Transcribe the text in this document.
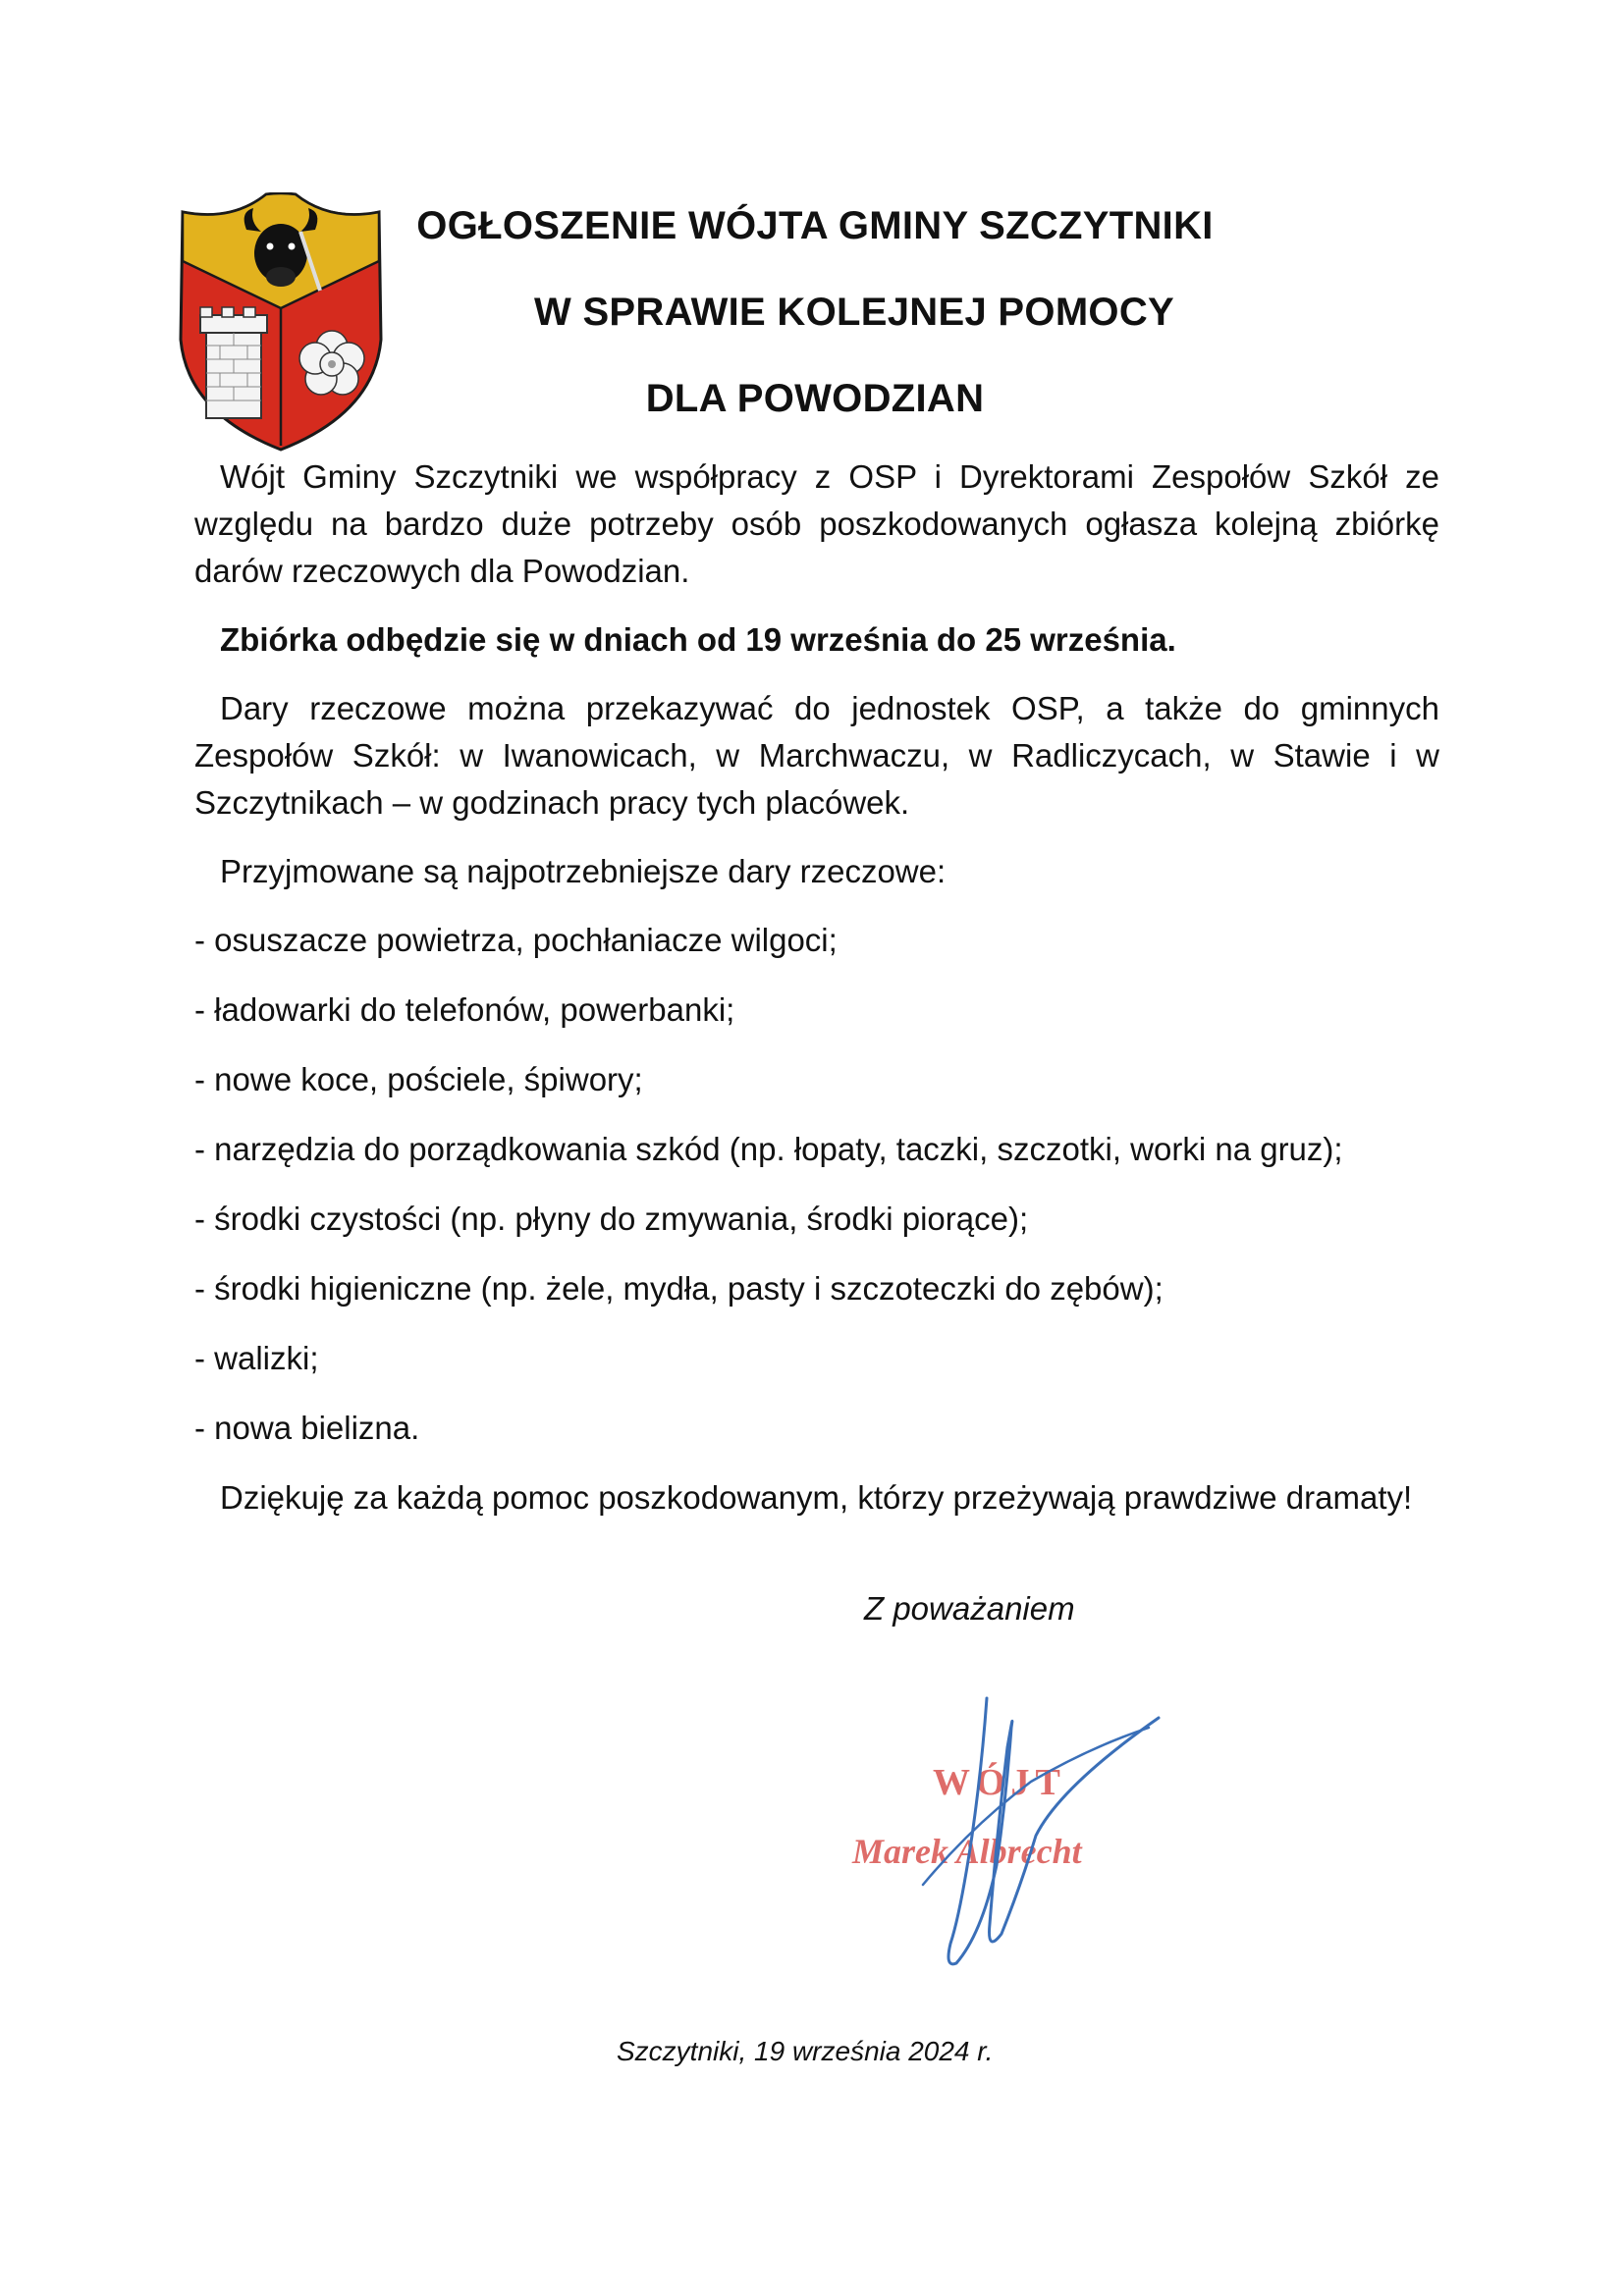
OGŁOSZENIE WÓJTA GMINY SZCZYTNIKI
W SPRAWIE KOLEJNEJ POMOCY
DLA POWODZIAN

Wójt Gminy Szczytniki we współpracy z OSP i Dyrektorami Zespołów Szkół ze względu na bardzo duże potrzeby osób poszkodowanych ogłasza kolejną zbiórkę darów rzeczowych dla Powodzian.

Zbiórka odbędzie się w dniach od 19 września do 25 września.

Dary rzeczowe można przekazywać do jednostek OSP, a także do gminnych Zespołów Szkół: w Iwanowicach, w Marchwaczu, w Radliczycach, w Stawie i w Szczytnikach – w godzinach pracy tych placówek.

Przyjmowane są najpotrzebniejsze dary rzeczowe:

- osuszacze powietrza, pochłaniacze wilgoci;
- ładowarki do telefonów, powerbanki;
- nowe koce, pościele, śpiwory;
- narzędzia do porządkowania szkód (np. łopaty, taczki, szczotki, worki na gruz);
- środki czystości (np. płyny do zmywania, środki piorące);
- środki higieniczne (np. żele, mydła, pasty i szczoteczki do zębów);
- walizki;
- nowa bielizna.

Dziękuję za każdą pomoc poszkodowanym, którzy przeżywają prawdziwe dramaty!

Z poważaniem
WÓJT
Marek Albrecht
Szczytniki, 19 września 2024 r.
